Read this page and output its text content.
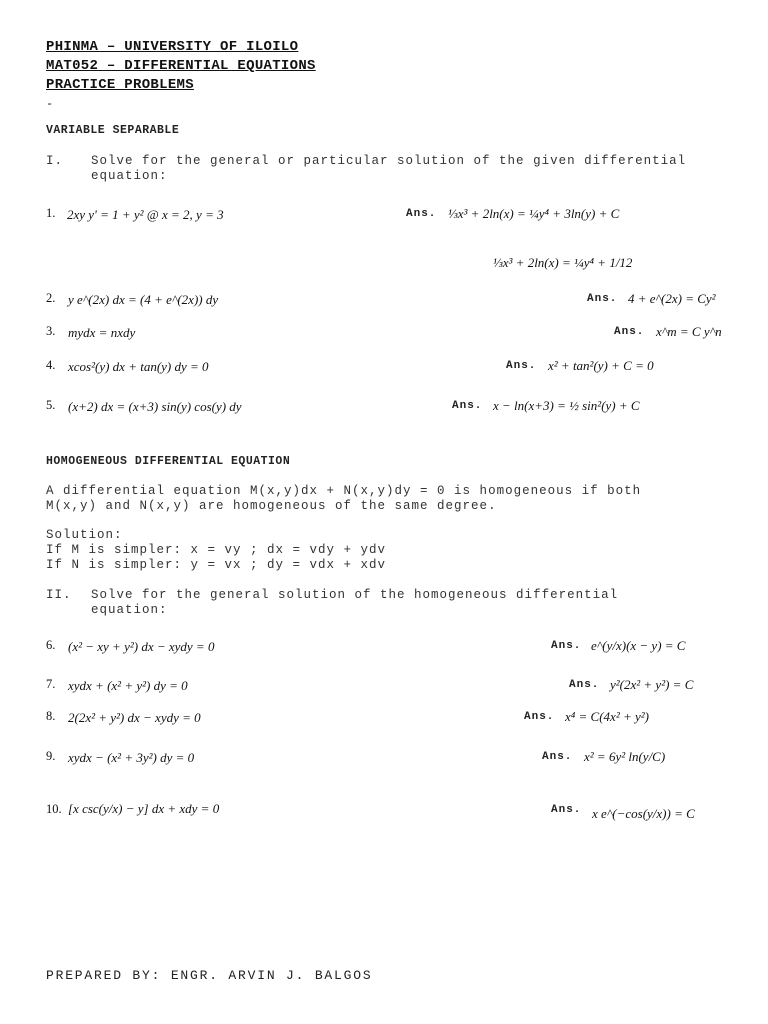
PHINMA – UNIVERSITY OF ILOILO
MAT052 – DIFFERENTIAL EQUATIONS
PRACTICE PROBLEMS
-
VARIABLE SEPARABLE
I. Solve for the general or particular solution of the given differential
equation:
1. 2xy y' = 1 + y² @ x = 2, y = 3	Ans. ⅓x³ + 2ln(x) = ¼y⁴ + 3ln(y) + C
⅓x³ + 2ln(x) = ¼y⁴ + 1/12
2. y e^(2x) dx = (4 + e^(2x)) dy	Ans. 4 + e^(2x) = Cy²
3. mydx = nxdy	Ans. x^m = C y^n
4. xcos²(y) dx + tan(y) dy = 0	Ans. x² + tan²(y) + C = 0
5. (x+2) dx = (x+3) sin(y) cos(y) dy	Ans. x − ln(x+3) = ½ sin²(y) + C
HOMOGENEOUS DIFFERENTIAL EQUATION
A differential equation M(x,y)dx + N(x,y)dy = 0 is homogeneous if both
M(x,y) and N(x,y) are homogeneous of the same degree.
Solution:
If M is simpler: x = vy ; dx = vdy + ydv
If N is simpler: y = vx ; dy = vdx + xdv
II. Solve for the general solution of the homogeneous differential
equation:
6. (x² − xy + y²) dx − xydy = 0	Ans. e^(y/x)(x − y) = C
7. xydx + (x² + y²) dy = 0	Ans. y²(2x² + y²) = C
8. 2(2x² + y²) dx − xydy = 0	Ans. x⁴ = C(4x² + y²)
9. xydx − (x² + 3y²) dy = 0	Ans. x² = 6y² ln(y/C)
10. [x csc(y/x) − y] dx + xdy = 0	Ans. x e^(−cos(y/x)) = C
PREPARED BY: ENGR. ARVIN J. BALGOS
